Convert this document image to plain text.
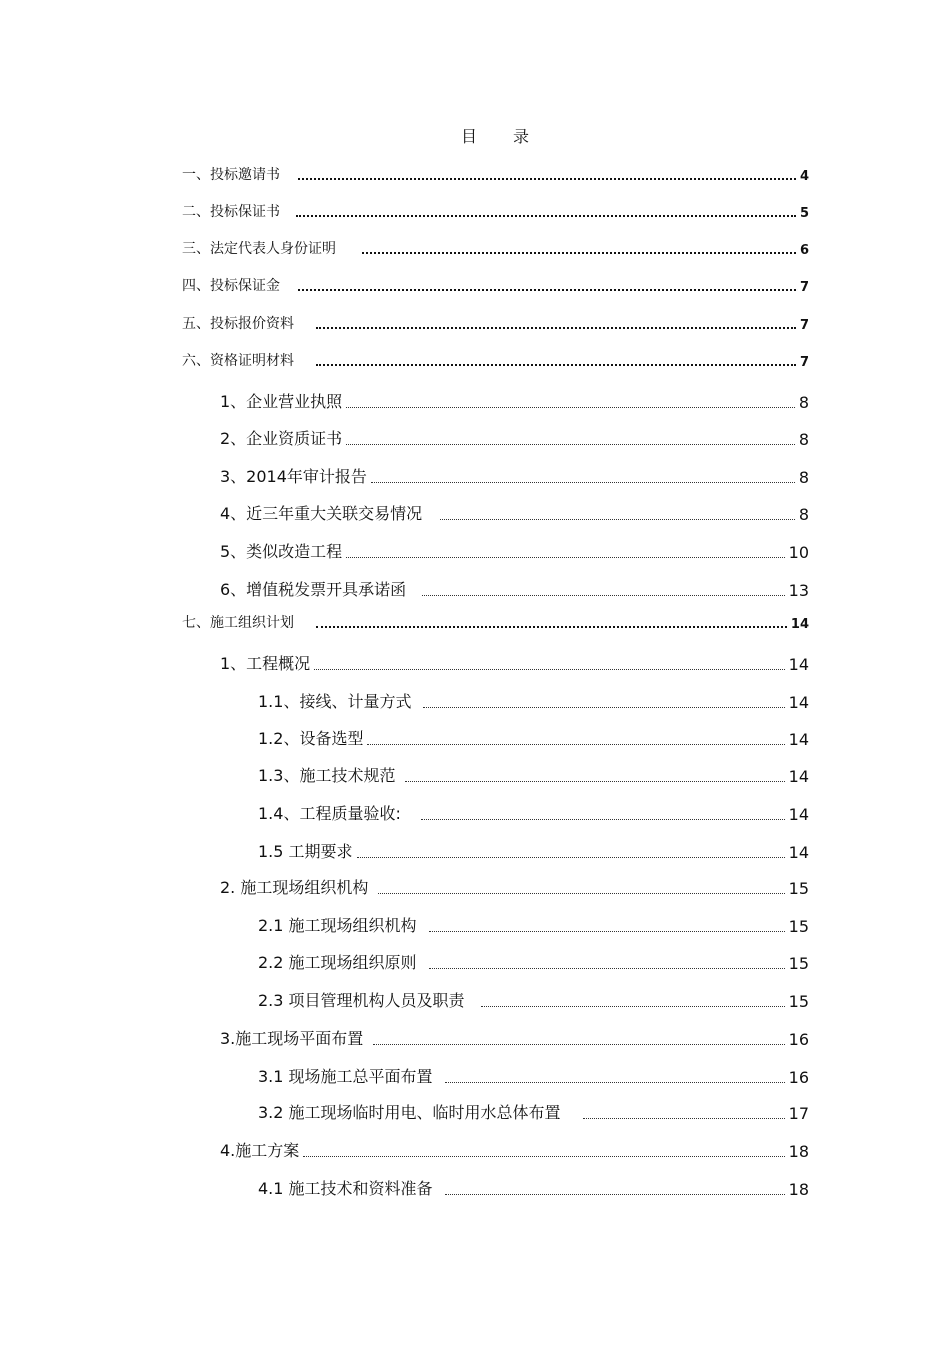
目 录
一、投标邀请书	4
二、投标保证书	5
三、法定代表人身份证明	6
四、投标保证金	7
五、投标报价资料	7
六、资格证明材料	7
1、企业营业执照	8
2、企业资质证书	8
3、2014年审计报告	8
4、近三年重大关联交易情况	8
5、类似改造工程	10
6、增值税发票开具承诺函	13
七、施工组织计划	14
1、工程概况	14
1.1、接线、计量方式	14
1.2、设备选型	14
1.3、施工技术规范	14
1.4、工程质量验收:	14
1.5 工期要求	14
2. 施工现场组织机构	15
2.1 施工现场组织机构	15
2.2 施工现场组织原则	15
2.3 项目管理机构人员及职责	15
3.施工现场平面布置	16
3.1 现场施工总平面布置	16
3.2 施工现场临时用电、临时用水总体布置	17
4.施工方案	18
4.1 施工技术和资料准备	18
